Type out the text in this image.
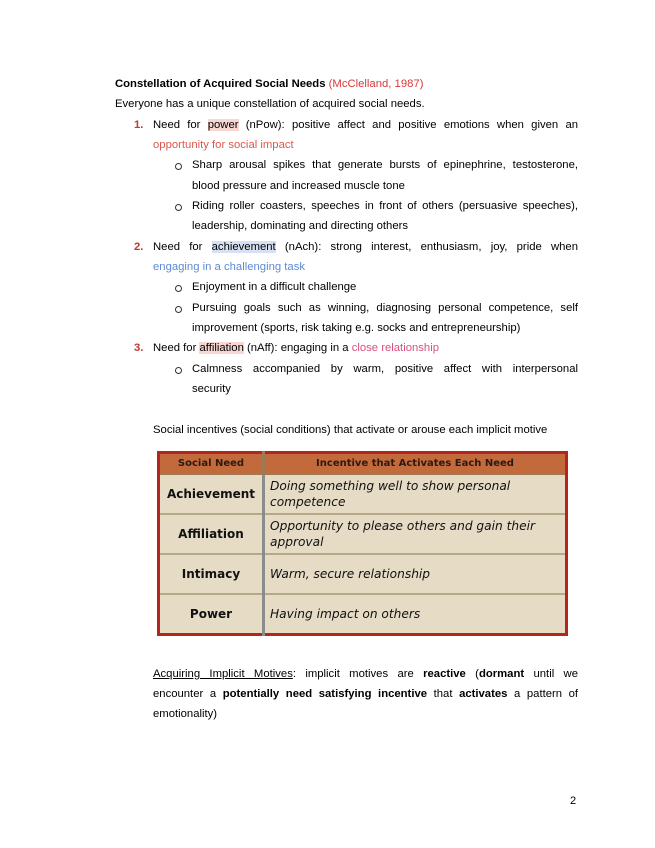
Constellation of Acquired Social Needs (McClelland, 1987)
Everyone has a unique constellation of acquired social needs.
1. Need for power (nPow): positive affect and positive emotions when given an
opportunity for social impact
Sharp arousal spikes that generate bursts of epinephrine, testosterone,
blood pressure and increased muscle tone
Riding roller coasters, speeches in front of others (persuasive speeches),
leadership, dominating and directing others
2. Need for achievement (nAch): strong interest, enthusiasm, joy, pride when
engaging in a challenging task
Enjoyment in a difficult challenge
Pursuing goals such as winning, diagnosing personal competence, self
improvement (sports, risk taking e.g. socks and entrepreneurship)
3. Need for affiliation (nAff): engaging in a close relationship
Calmness accompanied by warm, positive affect with interpersonal
security
Social incentives (social conditions) that activate or arouse each implicit motive
Social Need	Incentive that Activates Each Need
Achievement	Doing something well to show personal competence
Affiliation	Opportunity to please others and gain their approval
Intimacy	Warm, secure relationship
Power	Having impact on others
Acquiring Implicit Motives: implicit motives are reactive (dormant until we
encounter a potentially need satisfying incentive that activates a pattern of
emotionality)
2
